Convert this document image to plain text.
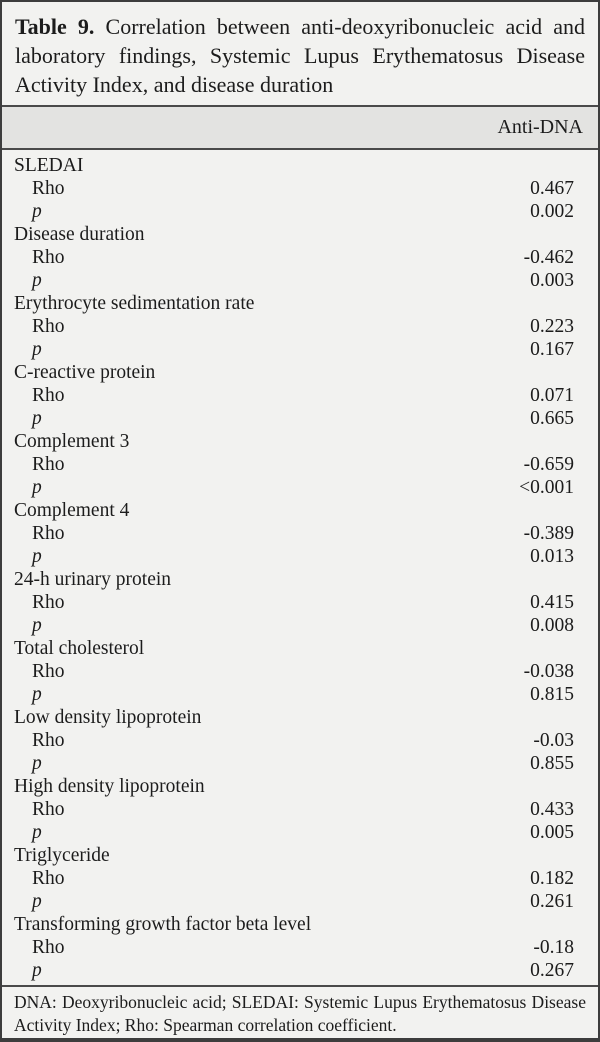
Table 9. Correlation between anti-deoxyribonucleic acid and laboratory findings, Systemic Lupus Erythematosus Disease Activity Index, and disease duration
Anti-DNA
SLEDAI
Rho	0.467
p	0.002
Disease duration
Rho	-0.462
p	0.003
Erythrocyte sedimentation rate
Rho	0.223
p	0.167
C-reactive protein
Rho	0.071
p	0.665
Complement 3
Rho	-0.659
p	<0.001
Complement 4
Rho	-0.389
p	0.013
24-h urinary protein
Rho	0.415
p	0.008
Total cholesterol
Rho	-0.038
p	0.815
Low density lipoprotein
Rho	-0.03
p	0.855
High density lipoprotein
Rho	0.433
p	0.005
Triglyceride
Rho	0.182
p	0.261
Transforming growth factor beta level
Rho	-0.18
p	0.267
DNA: Deoxyribonucleic acid; SLEDAI: Systemic Lupus Erythematosus Disease Activity Index; Rho: Spearman correlation coefficient.
